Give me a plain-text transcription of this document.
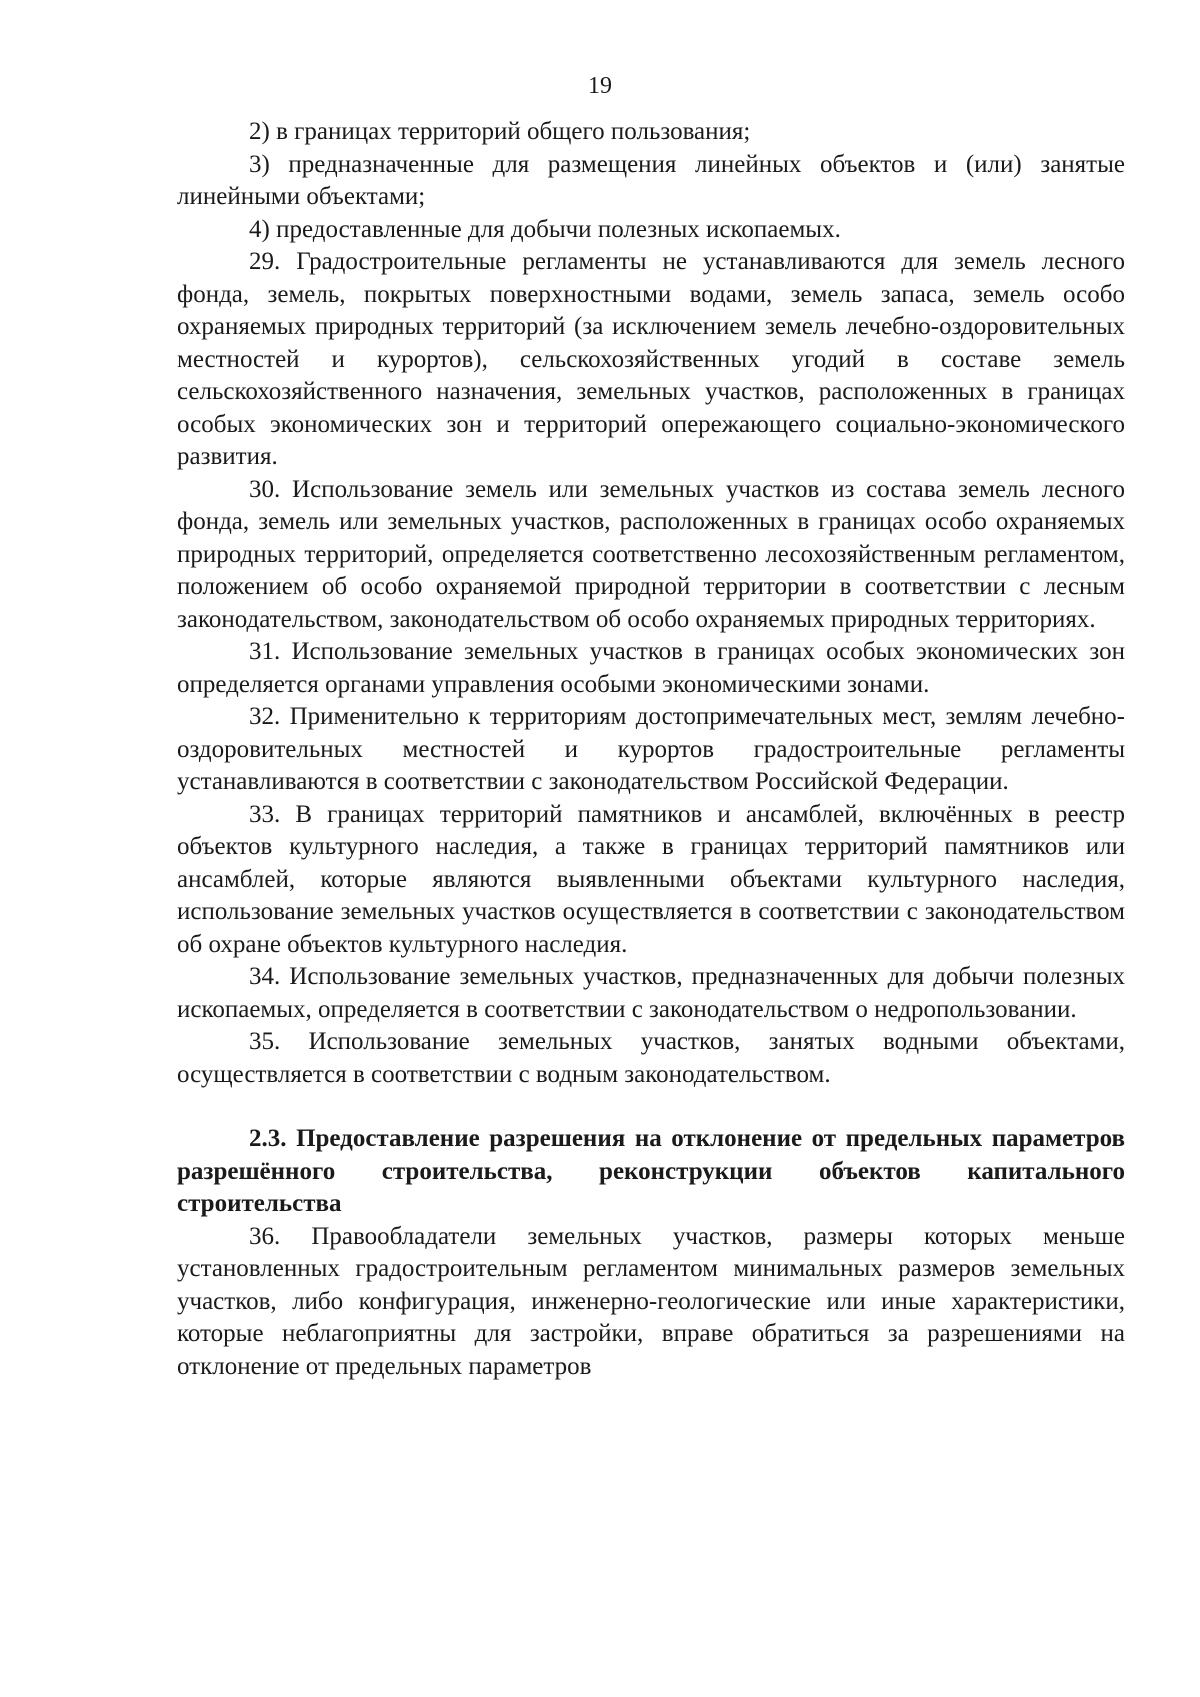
19

2) в границах территорий общего пользования;

3) предназначенные для размещения линейных объектов и (или) занятые линейными объектами;

4) предоставленные для добычи полезных ископаемых.

29. Градостроительные регламенты не устанавливаются для земель лесного фонда, земель, покрытых поверхностными водами, земель запаса, земель особо охраняемых природных территорий (за исключением земель лечебно-оздоровительных местностей и курортов), сельскохозяйственных угодий в составе земель сельскохозяйственного назначения, земельных участков, расположенных в границах особых экономических зон и территорий опережающего социально-экономического развития.

30. Использование земель или земельных участков из состава земель лесного фонда, земель или земельных участков, расположенных в границах особо охраняемых природных территорий, определяется соответственно лесохозяйственным регламентом, положением об особо охраняемой природной территории в соответствии с лесным законодательством, законодательством об особо охраняемых природных территориях.

31. Использование земельных участков в границах особых экономических зон определяется органами управления особыми экономическими зонами.

32. Применительно к территориям достопримечательных мест, землям лечебно-оздоровительных местностей и курортов градостроительные регламенты устанавливаются в соответствии с законодательством Российской Федерации.

33. В границах территорий памятников и ансамблей, включённых в реестр объектов культурного наследия, а также в границах территорий памятников или ансамблей, которые являются выявленными объектами культурного наследия, использование земельных участков осуществляется в соответствии с законодательством об охране объектов культурного наследия.

34. Использование земельных участков, предназначенных для добычи полезных ископаемых, определяется в соответствии с законодательством о недропользовании.

35. Использование земельных участков, занятых водными объектами, осуществляется в соответствии с водным законодательством.

2.3. Предоставление разрешения на отклонение от предельных параметров разрешённого строительства, реконструкции объектов капитального строительства

36. Правообладатели земельных участков, размеры которых меньше установленных градостроительным регламентом минимальных размеров земельных участков, либо конфигурация, инженерно-геологические или иные характеристики, которые неблагоприятны для застройки, вправе обратиться за разрешениями на отклонение от предельных параметров
